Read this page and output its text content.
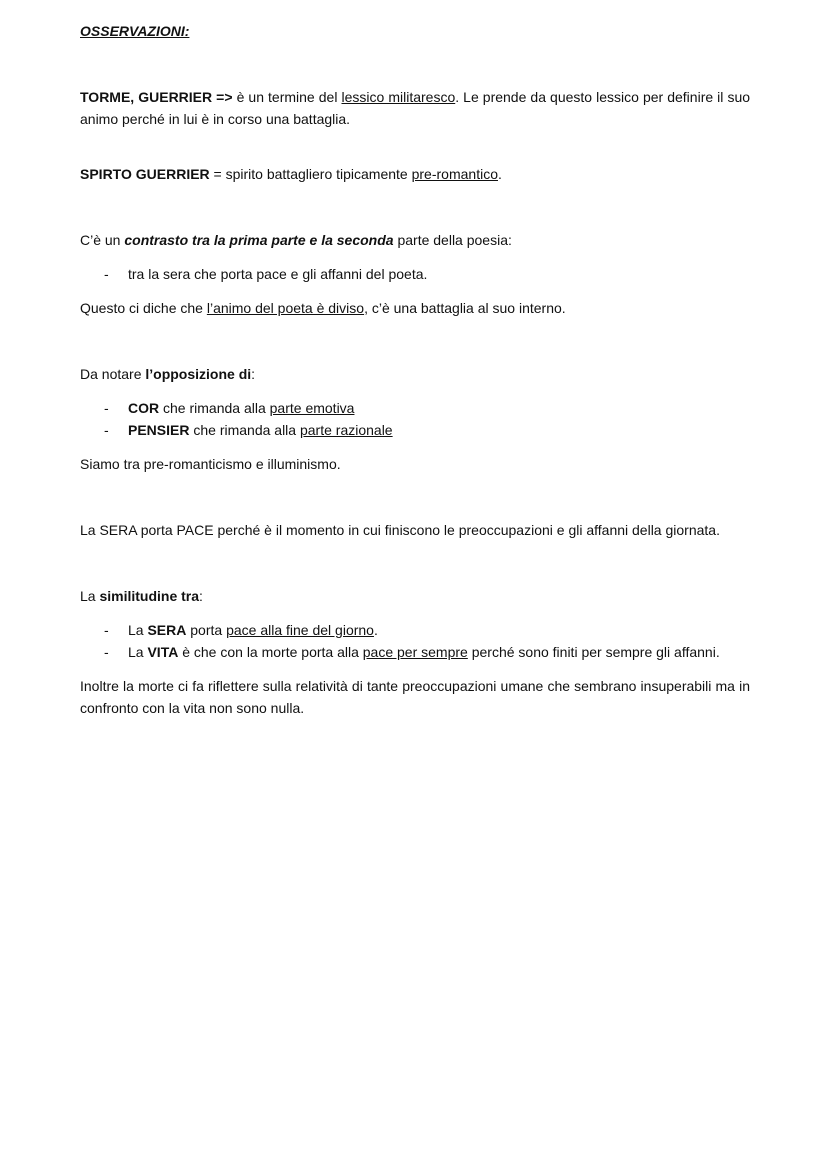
OSSERVAZIONI:

TORME, GUERRIER => è un termine del lessico militaresco. Le prende da questo lessico per definire il suo animo perché in lui è in corso una battaglia.

SPIRTO GUERRIER = spirito battagliero tipicamente pre-romantico.

C’è un contrasto tra la prima parte e la seconda parte della poesia:

- tra la sera che porta pace e gli affanni del poeta.

Questo ci diche che l’animo del poeta è diviso, c’è una battaglia al suo interno.

Da notare l’opposizione di:

- COR che rimanda alla parte emotiva
- PENSIER che rimanda alla parte razionale

Siamo tra pre-romanticismo e illuminismo.

La SERA porta PACE perché è il momento in cui finiscono le preoccupazioni e gli affanni della giornata.

La similitudine tra:

- La SERA porta pace alla fine del giorno.
- La VITA è che con la morte porta alla pace per sempre perché sono finiti per sempre gli affanni.

Inoltre la morte ci fa riflettere sulla relatività di tante preoccupazioni umane che sembrano insuperabili ma in confronto con la vita non sono nulla.
